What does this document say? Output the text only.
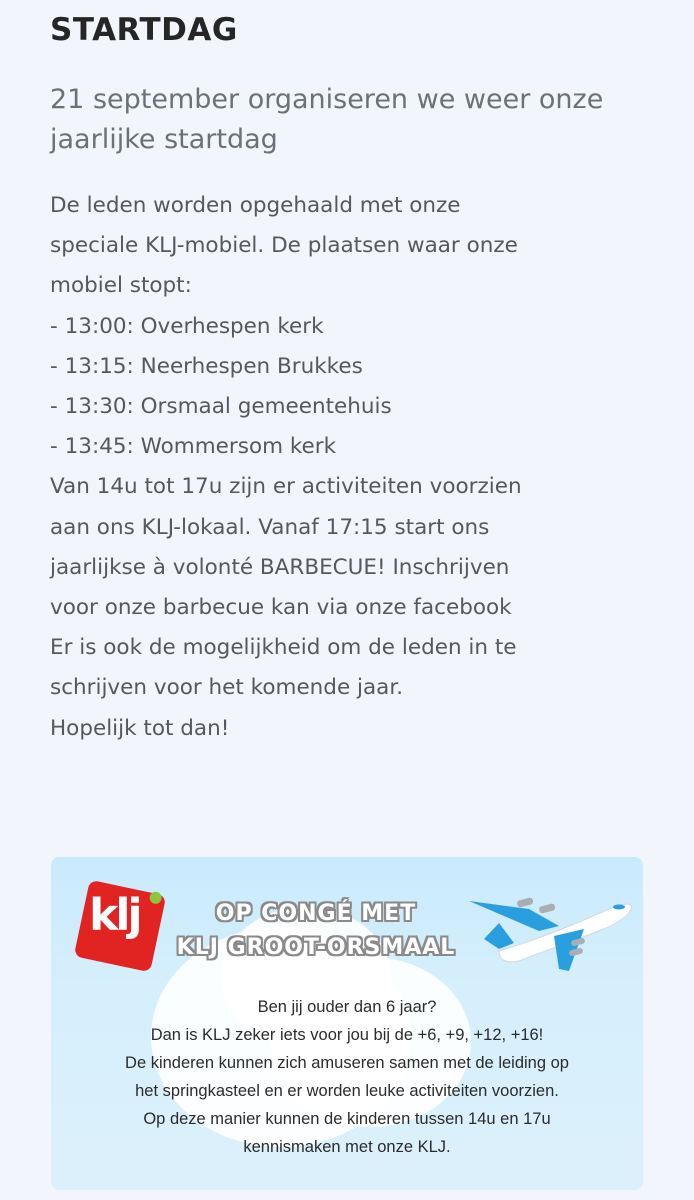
STARTDAG
21 september organiseren we weer onze jaarlijke startdag
De leden worden opgehaald met onze
speciale KLJ-mobiel. De plaatsen waar onze
mobiel stopt:
- 13:00: Overhespen kerk
- 13:15: Neerhespen Brukkes
- 13:30: Orsmaal gemeentehuis
- 13:45: Wommersom kerk
Van 14u tot 17u zijn er activiteiten voorzien
aan ons KLJ-lokaal. Vanaf 17:15 start ons
jaarlijkse à volonté BARBECUE! Inschrijven
voor onze barbecue kan via onze facebook
Er is ook de mogelijkheid om de leden in te
schrijven voor het komende jaar.
Hopelijk tot dan!
klj	OP CONGÉ MET
KLJ GROOT-ORSMAAL
Ben jij ouder dan 6 jaar?
Dan is KLJ zeker iets voor jou bij de +6, +9, +12, +16!
De kinderen kunnen zich amuseren samen met de leiding op
het springkasteel en er worden leuke activiteiten voorzien.
Op deze manier kunnen de kinderen tussen 14u en 17u
kennismaken met onze KLJ.
